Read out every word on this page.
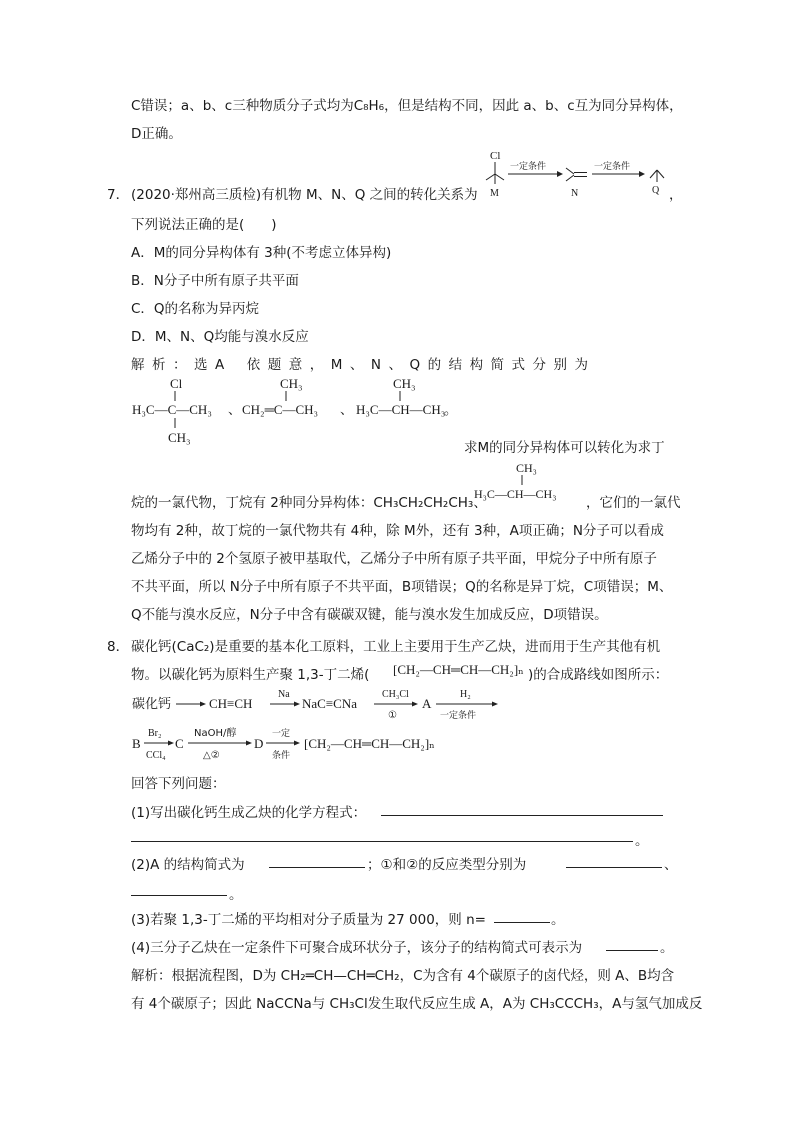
C错误；a、b、c三种物质分子式均为C₈H₆，但是结构不同，因此 a、b、c互为同分异构体，
D正确。
Cl
M
一定条件
N
一定条件
Q
7． (2020·郑州高三质检)有机物 M、N、Q 之间的转化关系为	，
下列说法正确的是(　　)
A．M的同分异构体有 3种(不考虑立体异构)
B．N分子中所有原子共平面
C．Q的名称为异丙烷
D．M、N、Q均能与溴水反应
解 析 ： 选 A　 依 题 意 ， M 、 N 、 Q 的 结 构 简 式 分 别 为
Cl
H₃C—C—CH₃
CH₃
、
CH₃
CH₂═C—CH₃ 、
CH₃
H₃C—CH—CH₃
。
求M的同分异构体可以转化为求丁
烷的一氯代物，丁烷有 2种同分异构体：CH₃CH₂CH₂CH₃、
CH₃
H₃C—CH—CH₃
，它们的一氯代
物均有 2种，故丁烷的一氯代物共有 4种，除 M外，还有 3种，A项正确；N分子可以看成
乙烯分子中的 2个氢原子被甲基取代，乙烯分子中所有原子共平面，甲烷分子中所有原子
不共平面，所以 N分子中所有原子不共平面，B项错误；Q的名称是异丁烷，C项错误；M、
Q不能与溴水反应，N分子中含有碳碳双键，能与溴水发生加成反应，D项错误。
8． 碳化钙(CaC₂)是重要的基本化工原料，工业上主要用于生产乙炔，进而用于生产其他有机
物。以碳化钙为原料生产聚 1,3-丁二烯( [CH₂—CH═CH—CH₂]ₙ )的合成路线如图所示：
碳化钙	CH≡CH
Na
NaC≡CNa
CH₃Cl
①
A
H₂
一定条件
B
Br₂
CCl₄
C
NaOH/醇
△②
D
一定
条件
[CH₂—CH═CH—CH₂]ₙ
回答下列问题：
(1)写出碳化钙生成乙炔的化学方程式：
。
(2)A 的结构简式为	；①和②的反应类型分别为	、
。
(3)若聚 1,3-丁二烯的平均相对分子质量为 27 000，则 n=	。
(4)三分子乙炔在一定条件下可聚合成环状分子，该分子的结构简式可表示为	。
解析：根据流程图，D为 CH₂═CH—CH═CH₂，C为含有 4个碳原子的卤代烃，则 A、B均含
有 4个碳原子；因此 NaCCNa与 CH₃Cl发生取代反应生成 A，A为 CH₃CCCH₃，A与氢气加成反
